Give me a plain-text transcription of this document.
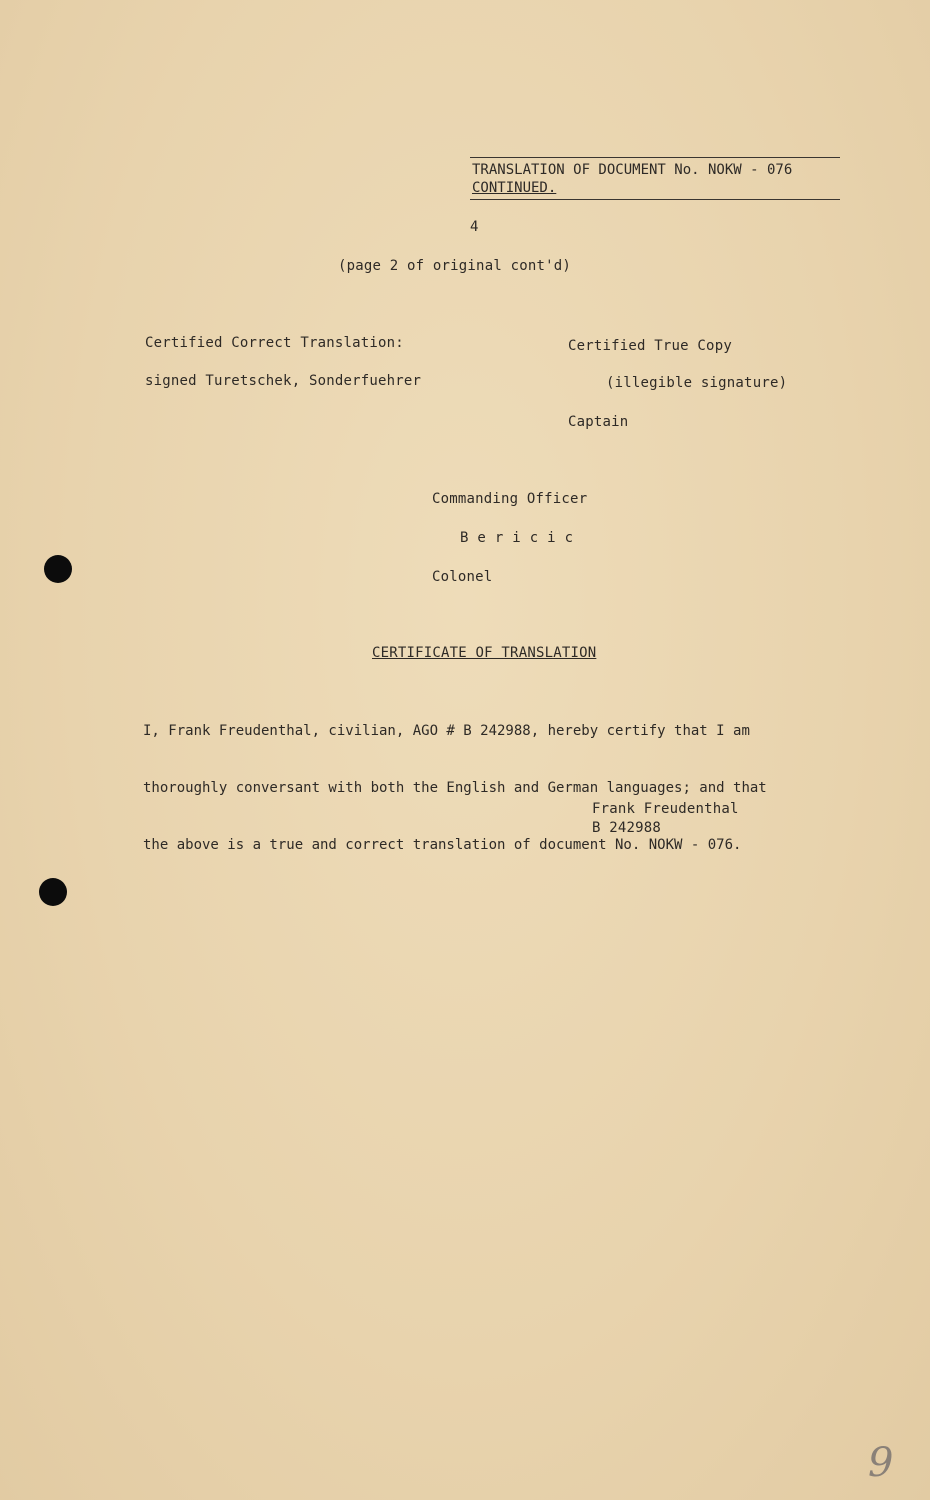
TRANSLATION OF DOCUMENT No. NOKW - 076
CONTINUED.
4
(page 2 of original cont'd)
Certified Correct Translation:
signed Turetschek, Sonderfuehrer
Certified True Copy
(illegible signature)
Captain
Commanding Officer
Bericic
Colonel
CERTIFICATE OF TRANSLATION

I, Frank Freudenthal, civilian, AGO # B 242988, hereby certify that I am

thoroughly conversant with both the English and German languages; and that

the above is a true and correct translation of document No. NOKW - 076.

Frank Freudenthal
B 242988
9
